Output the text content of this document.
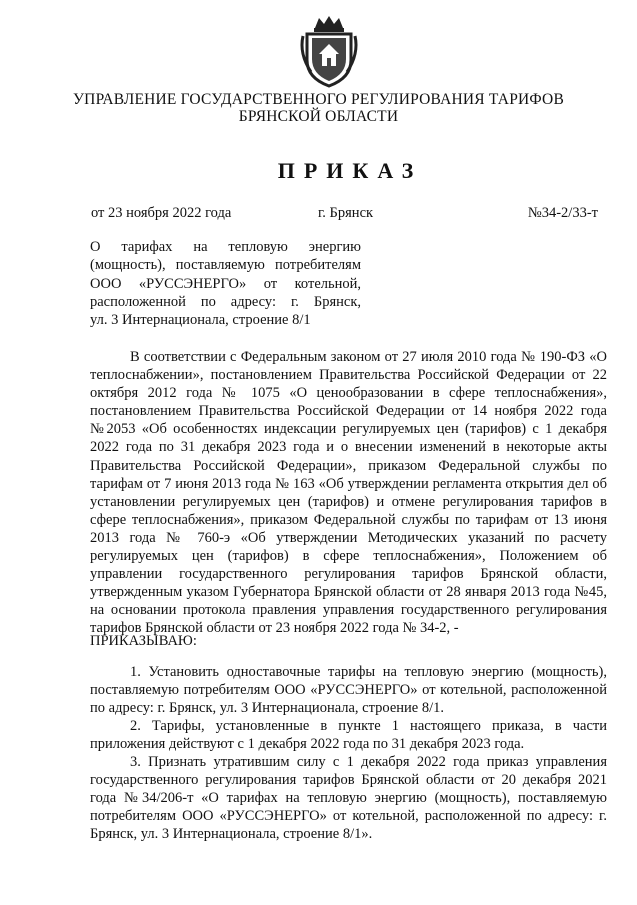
УПРАВЛЕНИЕ ГОСУДАРСТВЕННОГО РЕГУЛИРОВАНИЯ ТАРИФОВ
БРЯНСКОЙ ОБЛАСТИ
ПРИКАЗ
от 23 ноября 2022 года	г. Брянск	№34-2/33-т
О тарифах на тепловую энергию (мощность), поставляемую потребителям ООО «РУССЭНЕРГО» от котельной, расположенной по адресу: г. Брянск,
ул. 3 Интернационала, строение 8/1

В соответствии с Федеральным законом от 27 июля 2010 года № 190-ФЗ «О теплоснабжении», постановлением Правительства Российской Федерации от 22 октября 2012 года № 1075 «О ценообразовании в сфере теплоснабжения», постановлением Правительства Российской Федерации от 14 ноября 2022 года №2053 «Об особенностях индексации регулируемых цен (тарифов) с 1 декабря 2022 года по 31 декабря 2023 года и о внесении изменений в некоторые акты Правительства Российской Федерации», приказом Федеральной службы по тарифам от 7 июня 2013 года № 163 «Об утверждении регламента открытия дел об установлении регулируемых цен (тарифов) и отмене регулирования тарифов в сфере теплоснабжения», приказом Федеральной службы по тарифам от 13 июня 2013 года № 760-э «Об утверждении Методических указаний по расчету регулируемых цен (тарифов) в сфере теплоснабжения», Положением об управлении государственного регулирования тарифов Брянской области, утвержденным указом Губернатора Брянской области от 28 января 2013 года №45, на основании протокола правления управления государственного регулирования тарифов Брянской области от 23 ноября 2022 года № 34-2, -

ПРИКАЗЫВАЮ:

1. Установить одноставочные тарифы на тепловую энергию (мощность), поставляемую потребителям ООО «РУССЭНЕРГО» от котельной, расположенной по адресу: г. Брянск, ул. 3 Интернационала, строение 8/1.

2. Тарифы, установленные в пункте 1 настоящего приказа, в части приложения действуют с 1 декабря 2022 года по 31 декабря 2023 года.

3. Признать утратившим силу с 1 декабря 2022 года приказ управления государственного регулирования тарифов Брянской области от 20 декабря 2021 года №34/206-т «О тарифах на тепловую энергию (мощность), поставляемую потребителям ООО «РУССЭНЕРГО» от котельной, расположенной по адресу: г. Брянск, ул. 3 Интернационала, строение 8/1».
